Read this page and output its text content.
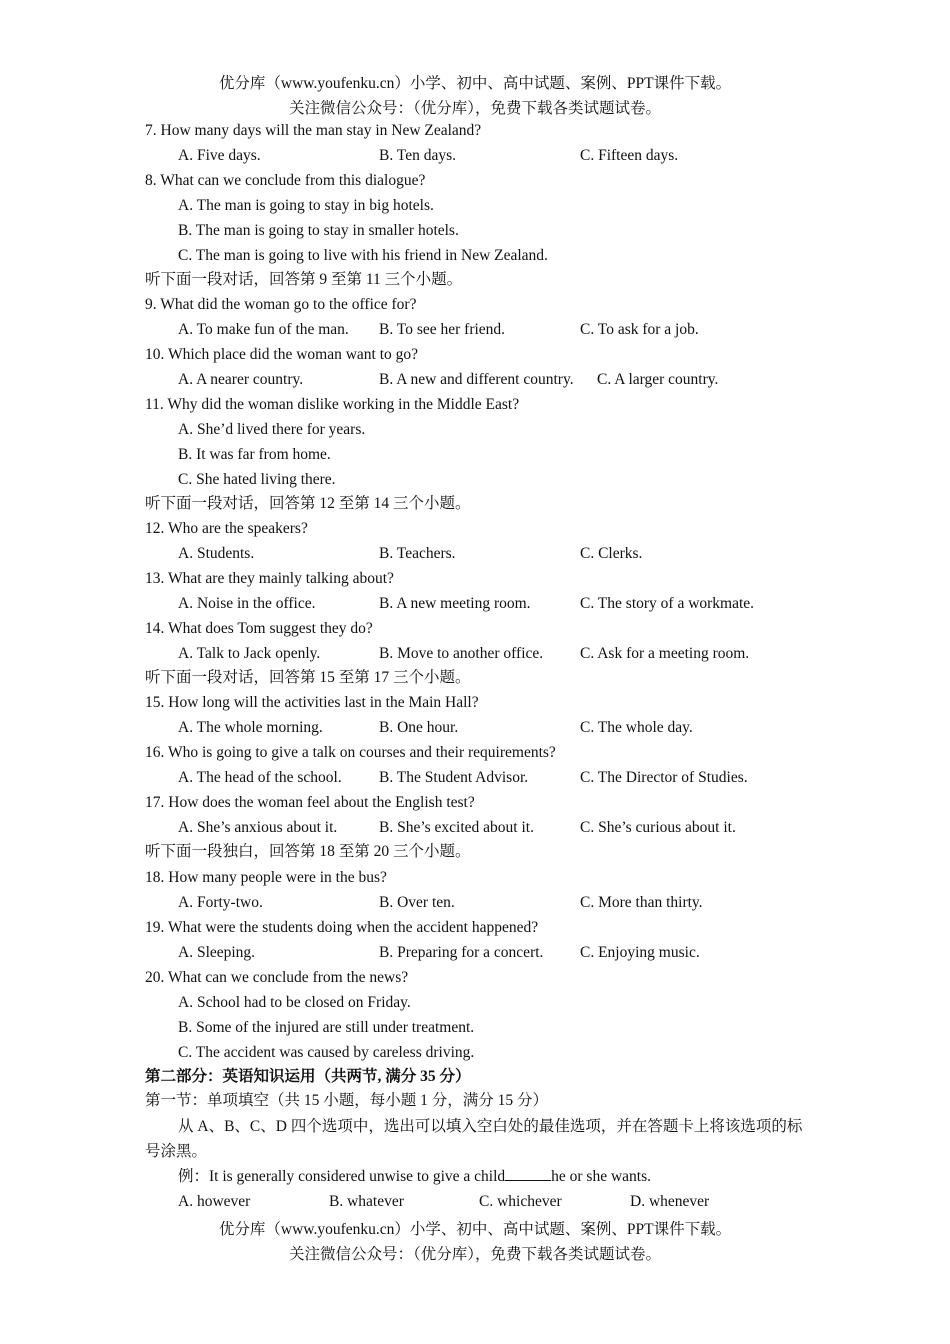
优分库（www.youfenku.cn）小学、初中、高中试题、案例、PPT课件下载。
关注微信公众号：（优分库），免费下载各类试题试卷。
7. How many days will the man stay in New Zealand?
A. Five days.	B. Ten days.	C. Fifteen days.
8. What can we conclude from this dialogue?
A. The man is going to stay in big hotels.
B. The man is going to stay in smaller hotels.
C. The man is going to live with his friend in New Zealand.
听下面一段对话，回答第 9 至第 11 三个小题。
9. What did the woman go to the office for?
A. To make fun of the man. B. To see her friend.	C. To ask for a job.
10. Which place did the woman want to go?
A. A nearer country.	B. A new and different country. C. A larger country.
11. Why did the woman dislike working in the Middle East?
A. She’d lived there for years.
B. It was far from home.
C. She hated living there.
听下面一段对话，回答第 12 至第 14 三个小题。
12. Who are the speakers?
A. Students.	B. Teachers.	C. Clerks.
13. What are they mainly talking about?
A. Noise in the office.	B. A new meeting room.	C. The story of a workmate.
14. What does Tom suggest they do?
A. Talk to Jack openly.	B. Move to another office. C. Ask for a meeting room.
听下面一段对话，回答第 15 至第 17 三个小题。
15. How long will the activities last in the Main Hall?
A. The whole morning.	B. One hour.	C. The whole day.
16. Who is going to give a talk on courses and their requirements?
A. The head of the school. B. The Student Advisor.	C. The Director of Studies.
17. How does the woman feel about the English test?
A. She’s anxious about it.	B. She’s excited about it.	C. She’s curious about it.
听下面一段独白，回答第 18 至第 20 三个小题。
18. How many people were in the bus?
A. Forty-two.	B. Over ten.	C. More than thirty.
19. What were the students doing when the accident happened?
A. Sleeping.	B. Preparing for a concert. C. Enjoying music.
20. What can we conclude from the news?
A. School had to be closed on Friday.
B. Some of the injured are still under treatment.
C. The accident was caused by careless driving.
第二部分：英语知识运用（共两节, 满分 35 分）
第一节：单项填空（共 15 小题，每小题 1 分，满分 15 分）
从 A、B、C、D 四个选项中，选出可以填入空白处的最佳选项，并在答题卡上将该选项的标号涂黑。
例：It is generally considered unwise to give a child	he or she wants.
A. however	B. whatever	C. whichever	D. whenever
优分库（www.youfenku.cn）小学、初中、高中试题、案例、PPT课件下载。
关注微信公众号：（优分库），免费下载各类试题试卷。
